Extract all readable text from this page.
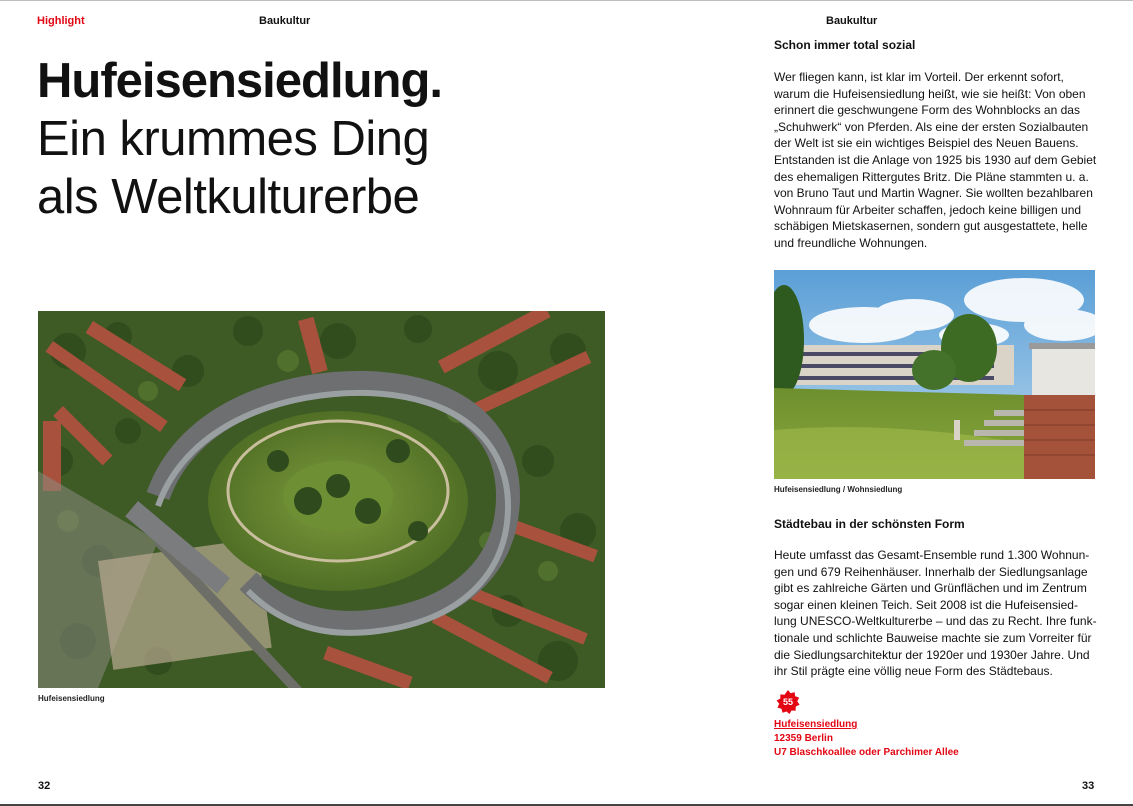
Highlight	Baukultur
Hufeisensiedlung.
Ein krummes Ding
als Weltkulturerbe
Hufeisensiedlung
32
Baukultur
Schon immer total sozial
Wer fliegen kann, ist klar im Vorteil. Der erkennt sofort,
warum die Hufeisensiedlung heißt, wie sie heißt: Von oben
erinnert die geschwungene Form des Wohnblocks an das
„Schuhwerk“ von Pferden. Als eine der ersten Sozialbauten
der Welt ist sie ein wichtiges Beispiel des Neuen Bauens.
Entstanden ist die Anlage von 1925 bis 1930 auf dem Gebiet
des ehemaligen Rittergutes Britz. Die Pläne stammten u. a.
von Bruno Taut und Martin Wagner. Sie wollten bezahlbaren
Wohnraum für Arbeiter schaffen, jedoch keine billigen und
schäbigen Mietskasernen, sondern gut ausgestattete, helle
und freundliche Wohnungen.
Hufeisensiedlung / Wohnsiedlung
Städtebau in der schönsten Form
Heute umfasst das Gesamt-Ensemble rund 1.300 Wohnun-
gen und 679 Reihenhäuser. Innerhalb der Siedlungsanlage
gibt es zahlreiche Gärten und Grünflächen und im Zentrum
sogar einen kleinen Teich. Seit 2008 ist die Hufeisensied-
lung UNESCO-Weltkulturerbe – und das zu Recht. Ihre funk-
tionale und schlichte Bauweise machte sie zum Vorreiter für
die Siedlungsarchitektur der 1920er und 1930er Jahre. Und
ihr Stil prägte eine völlig neue Form des Städtebaus.
55
Hufeisensiedlung
12359 Berlin
U7 Blaschkoallee oder Parchimer Allee
33
